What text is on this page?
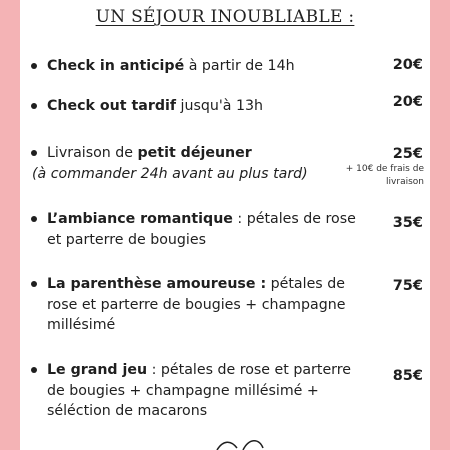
UN SÉJOUR INOUBLIABLE :
Check in anticipé à partir de 14h	20€
Check out tardif jusqu'à 13h	20€
Livraison de petit déjeuner
(à commander 24h avant au plus tard)
25€
+ 10€ de frais de livraison
L’ambiance romantique : pétales de rose et parterre de bougies
35€
La parenthèse amoureuse : pétales de rose et parterre de bougies + champagne millésimé
75€
Le grand jeu : pétales de rose et parterre de bougies + champagne millésimé + séléction de macarons
85€
